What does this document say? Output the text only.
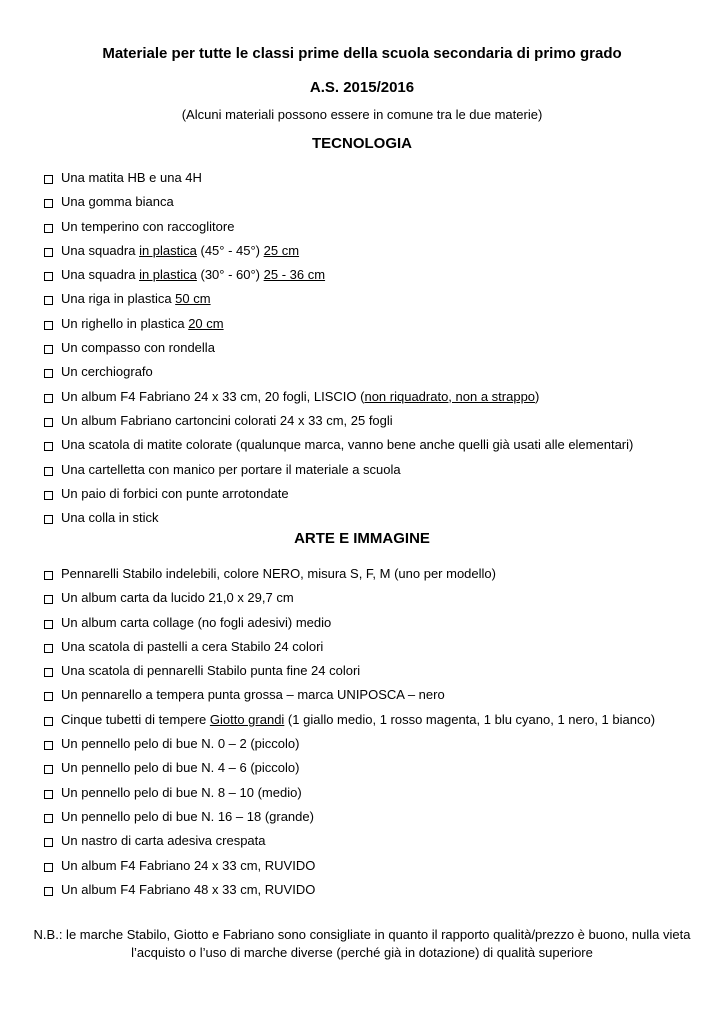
Materiale per tutte le classi prime della scuola secondaria di primo grado
A.S. 2015/2016
(Alcuni materiali possono essere in comune tra le due materie)
TECNOLOGIA
Una matita HB e una 4H
Una gomma bianca
Un temperino con raccoglitore
Una squadra in plastica (45° - 45°) 25 cm
Una squadra in plastica (30° - 60°) 25 - 36 cm
Una riga in plastica 50 cm
Un righello in plastica 20 cm
Un compasso con rondella
Un cerchiografo
Un album F4 Fabriano 24 x 33 cm, 20 fogli, LISCIO (non riquadrato, non a strappo)
Un album Fabriano cartoncini colorati 24 x 33 cm, 25 fogli
Una scatola di matite colorate (qualunque marca, vanno bene anche quelli già usati alle elementari)
Una cartelletta con manico per portare il materiale a scuola
Un paio di forbici con punte arrotondate
Una colla in stick
ARTE E IMMAGINE
Pennarelli Stabilo indelebili, colore NERO, misura S, F, M (uno per modello)
Un album carta da lucido 21,0 x 29,7 cm
Un album carta collage (no fogli adesivi) medio
Una scatola di pastelli a cera Stabilo 24 colori
Una scatola di pennarelli Stabilo punta fine 24 colori
Un pennarello a tempera punta grossa – marca UNIPOSCA – nero
Cinque tubetti di tempere Giotto grandi (1 giallo medio, 1 rosso magenta, 1 blu cyano, 1 nero, 1 bianco)
Un pennello pelo di bue N. 0 – 2 (piccolo)
Un pennello pelo di bue N. 4 – 6 (piccolo)
Un pennello pelo di bue N. 8 – 10 (medio)
Un pennello pelo di bue N. 16 – 18 (grande)
Un nastro di carta adesiva crespata
Un album F4 Fabriano 24 x 33 cm, RUVIDO
Un album F4 Fabriano 48 x 33 cm, RUVIDO
N.B.: le marche Stabilo, Giotto e Fabriano sono consigliate in quanto il rapporto qualità/prezzo è buono, nulla vieta l’acquisto o l’uso di marche diverse (perché già in dotazione) di qualità superiore
